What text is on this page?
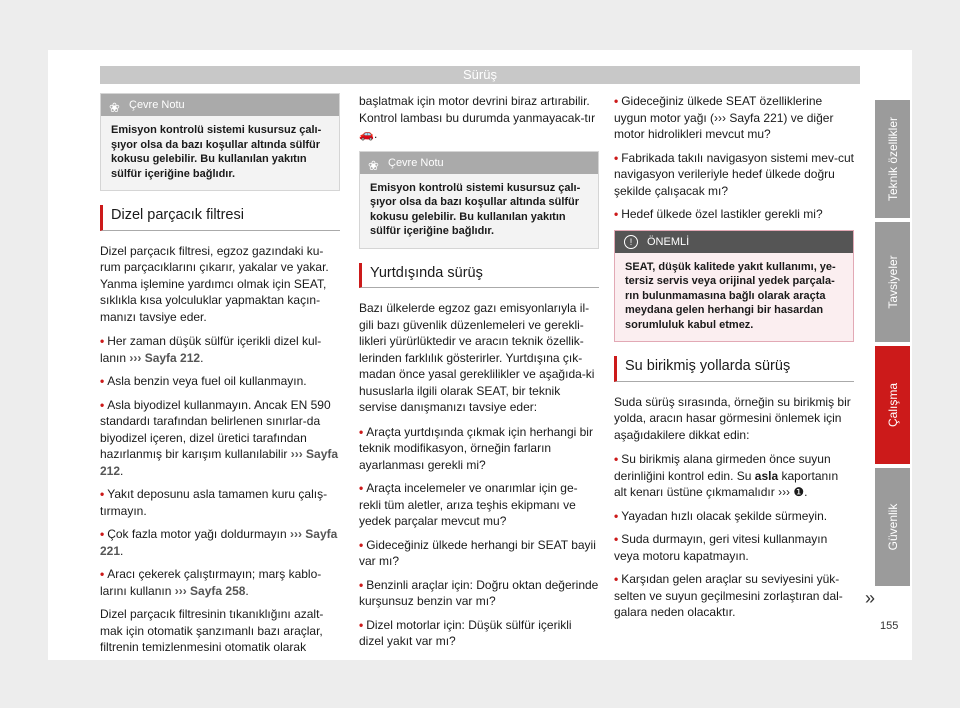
Sürüş
❀ Çevre Notu
Emisyon kontrolü sistemi kusursuz çalı-şıyor olsa da bazı koşullar altında sülfür kokusu gelebilir. Bu kullanılan yakıtın sülfür içeriğine bağlıdır.
Dizel parçacık filtresi

Dizel parçacık filtresi, egzoz gazındaki ku-rum parçacıklarını çıkarır, yakalar ve yakar. Yanma işlemine yardımcı olmak için SEAT, sıklıkla kısa yolculuklar yapmaktan kaçın-manızı tavsiye eder.

• Her zaman düşük sülfür içerikli dizel kul-lanın ››› Sayfa 212.
• Asla benzin veya fuel oil kullanmayın.
• Asla biyodizel kullanmayın. Ancak EN 590 standardı tarafından belirlenen sınırlar-da biyodizel içeren, dizel üretici tarafından hazırlanmış bir karışım kullanılabilir ››› Sayfa 212.
• Yakıt deposunu asla tamamen kuru çalış-tırmayın.
• Çok fazla motor yağı doldurmayın ››› Sayfa 221.
• Aracı çekerek çalıştırmayın; marş kablo-larını kullanın ››› Sayfa 258.

Dizel parçacık filtresinin tıkanıklığını azalt-mak için otomatik şanzımanlı bazı araçlar, filtrenin temizlenmesini otomatik olarak

başlatmak için motor devrini biraz artırabilir. Kontrol lambası bu durumda yanmayacak-tır 🚗.

❀ Çevre Notu
Emisyon kontrolü sistemi kusursuz çalı-şıyor olsa da bazı koşullar altında sülfür kokusu gelebilir. Bu kullanılan yakıtın sülfür içeriğine bağlıdır.
Yurtdışında sürüş

Bazı ülkelerde egzoz gazı emisyonlarıyla il-gili bazı güvenlik düzenlemeleri ve gerekli-likleri yürürlüktedir ve aracın teknik özellik-lerinden farklılık gösterirler. Yurtdışına çık-madan önce yasal gereklilikler ve aşağıda-ki hususlarla ilgili olarak SEAT, bir teknik servise danışmanızı tavsiye eder:

• Araçta yurtdışında çıkmak için herhangi bir teknik modifikasyon, örneğin farların ayarlanması gerekli mi?
• Araçta incelemeler ve onarımlar için ge-rekli tüm aletler, arıza teşhis ekipmanı ve yedek parçalar mevcut mu?
• Gideceğiniz ülkede herhangi bir SEAT bayii var mı?
• Benzinli araçlar için: Doğru oktan değerinde kurşunsuz benzin var mı?
• Dizel motorlar için: Düşük sülfür içerikli dizel yakıt var mı?
• Gideceğiniz ülkede SEAT özelliklerine uygun motor yağı (››› Sayfa 221) ve diğer motor hidrolikleri mevcut mu?
• Fabrikada takılı navigasyon sistemi mev-cut navigasyon verileriyle hedef ülkede doğru şekilde çalışacak mı?
• Hedef ülkede özel lastikler gerekli mi?
!	ÖNEMLİ
SEAT, düşük kalitede yakıt kullanımı, ye-tersiz servis veya orijinal yedek parçala-rın bulunmamasına bağlı olarak araçta meydana gelen herhangi bir hasardan sorumluluk kabul etmez.
Su birikmiş yollarda sürüş

Suda sürüş sırasında, örneğin su birikmiş bir yolda, aracın hasar görmesini önlemek için aşağıdakilere dikkat edin:

• Su birikmiş alana girmeden önce suyun derinliğini kontrol edin. Su asla kaportanın alt kenarı üstüne çıkmamalıdır ››› ❶.
• Yayadan hızlı olacak şekilde sürmeyin.
• Suda durmayın, geri vitesi kullanmayın veya motoru kapatmayın.
• Karşıdan gelen araçlar su seviyesini yük-selten ve suyun geçilmesini zorlaştıran dal-galara neden olacaktır.
Teknik özellikler
Tavsiyeler
Çalışma
Güvenlik
»
155
